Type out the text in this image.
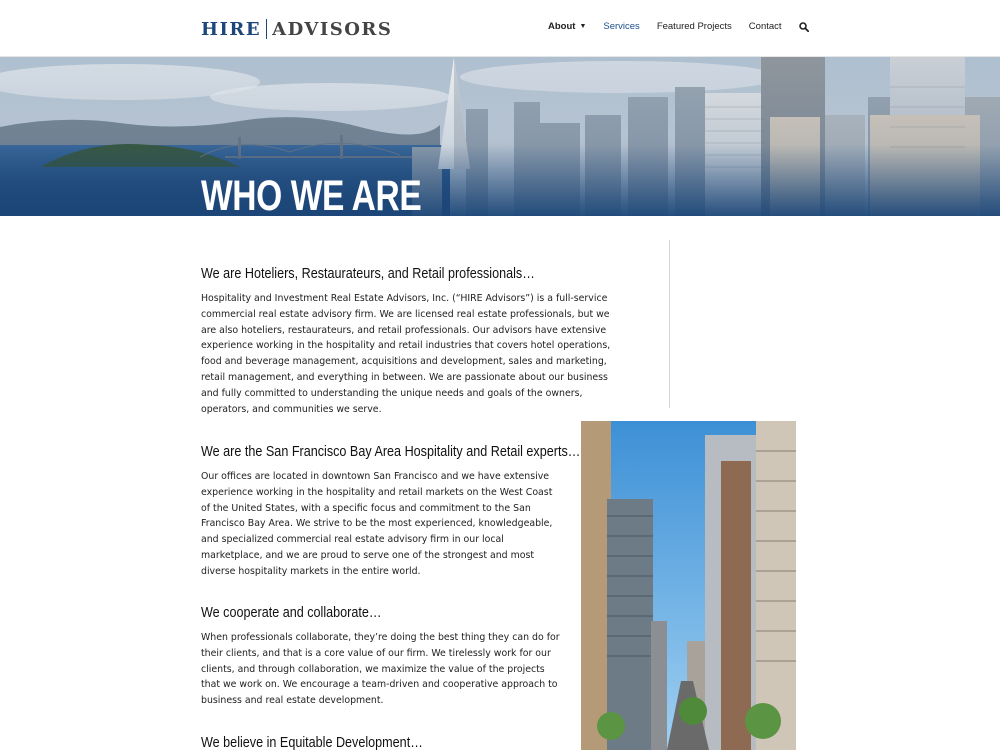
HIRE ADVISORS	About ▼ Services Featured Projects Contact
WHO WE ARE
We are Hoteliers, Restaurateurs, and Retail professionals…

Hospitality and Investment Real Estate Advisors, Inc. (“HIRE Advisors”) is a full-service commercial real estate advisory firm. We are licensed real estate professionals, but we are also hoteliers, restaurateurs, and retail professionals. Our advisors have extensive experience working in the hospitality and retail industries that covers hotel operations, food and beverage management, acquisitions and development, sales and marketing, retail management, and everything in between. We are passionate about our business and fully committed to understanding the unique needs and goals of the owners, operators, and communities we serve.

We are the San Francisco Bay Area Hospitality and Retail experts…

Our offices are located in downtown San Francisco and we have extensive experience working in the hospitality and retail markets on the West Coast of the United States, with a specific focus and commitment to the San Francisco Bay Area. We strive to be the most experienced, knowledgeable, and specialized commercial real estate advisory firm in our local marketplace, and we are proud to serve one of the strongest and most diverse hospitality markets in the entire world.

We cooperate and collaborate…

When professionals collaborate, they’re doing the best thing they can do for their clients, and that is a core value of our firm. We tirelessly work for our clients, and through collaboration, we maximize the value of the projects that we work on. We encourage a team-driven and cooperative approach to business and real estate development.

We believe in Equitable Development…
